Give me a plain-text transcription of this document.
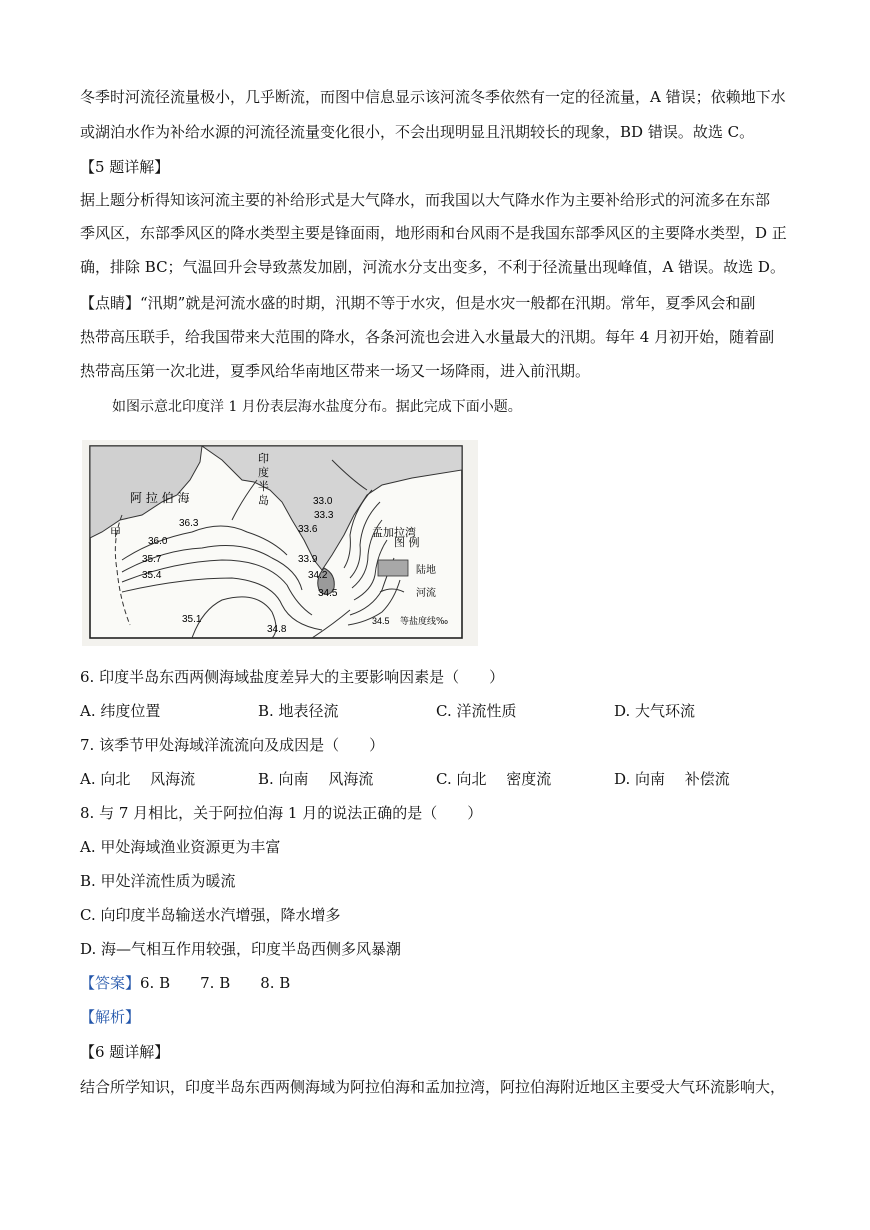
冬季时河流径流量极小，几乎断流，而图中信息显示该河流冬季依然有一定的径流量，A 错误；依赖地下水
或湖泊水作为补给水源的河流径流量变化很小，不会出现明显且汛期较长的现象，BD 错误。故选 C。
【5 题详解】
据上题分析得知该河流主要的补给形式是大气降水，而我国以大气降水作为主要补给形式的河流多在东部
季风区，东部季风区的降水类型主要是锋面雨，地形雨和台风雨不是我国东部季风区的主要降水类型，D 正
确，排除 BC；气温回升会导致蒸发加剧，河流水分支出变多，不利于径流量出现峰值，A 错误。故选 D。
【点睛】“汛期”就是河流水盛的时期，汛期不等于水灾，但是水灾一般都在汛期。常年，夏季风会和副
热带高压联手，给我国带来大范围的降水，各条河流也会进入水量最大的汛期。每年 4 月初开始，随着副
热带高压第一次北进，夏季风给华南地区带来一场又一场降雨，进入前汛期。
如图示意北印度洋 1 月份表层海水盐度分布。据此完成下面小题。
印
度
半
岛
阿 拉 伯 海
孟加拉湾
甲
36.3
36.0
35.7
35.4
35.1
34.8
33.0
33.3
33.6
33.9
34.2
34.5
图 例
陆地
河流
34.5 等盐度线‰
6. 印度半岛东西两侧海域盐度差异大的主要影响因素是（　　）
A. 纬度位置	B. 地表径流	C. 洋流性质	D. 大气环流
7. 该季节甲处海域洋流流向及成因是（　　）
A. 向北　 风海流	B. 向南　 风海流	C. 向北　 密度流	D. 向南　 补偿流
8. 与 7 月相比，关于阿拉伯海 1 月的说法正确的是（　　）
A. 甲处海域渔业资源更为丰富
B. 甲处洋流性质为暖流
C. 向印度半岛输送水汽增强，降水增多
D. 海—气相互作用较强，印度半岛西侧多风暴潮
【答案】6. B　　7. B　　8. B
【解析】
【6 题详解】
结合所学知识，印度半岛东西两侧海域为阿拉伯海和孟加拉湾，阿拉伯海附近地区主要受大气环流影响大，
